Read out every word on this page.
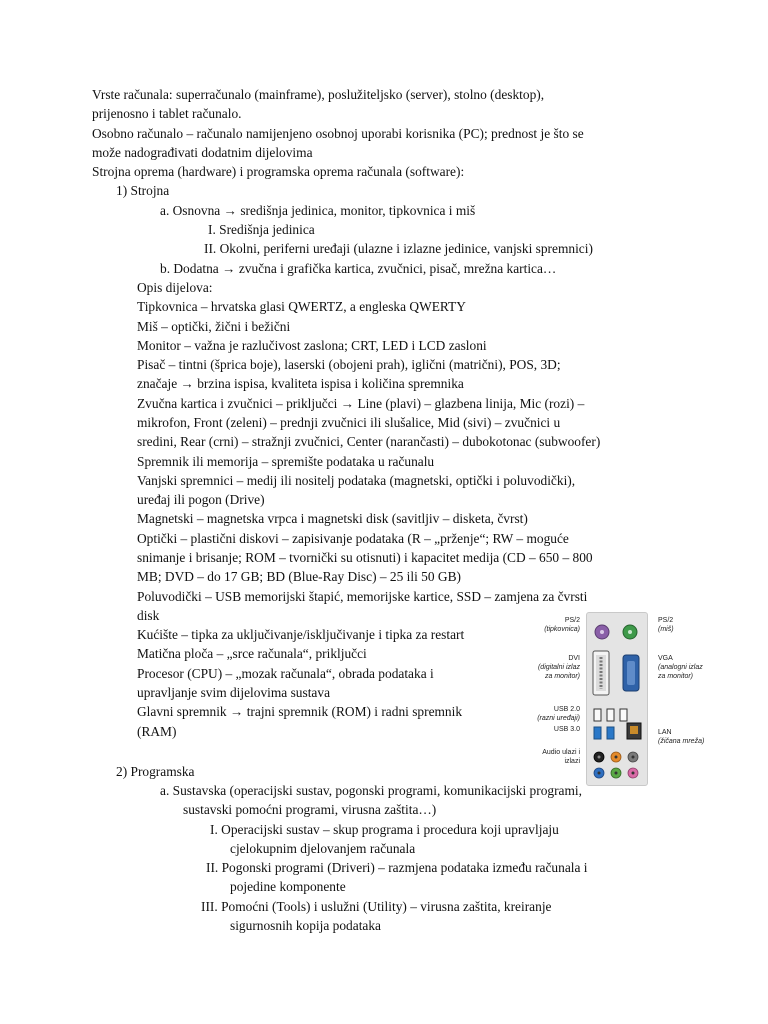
Vrste računala: superračunalo (mainframe), poslužiteljsko (server), stolno (desktop),
prijenosno i tablet računalo.
Osobno računalo – računalo namijenjeno osobnoj uporabi korisnika (PC); prednost je što se
može nadograđivati dodatnim dijelovima
Strojna oprema (hardware) i programska oprema računala (software):
1) Strojna
a. Osnovna → središnja jedinica, monitor, tipkovnica i miš
I. Središnja jedinica
II. Okolni, periferni uređaji (ulazne i izlazne jedinice, vanjski spremnici)
b. Dodatna → zvučna i grafička kartica, zvučnici, pisač, mrežna kartica…
Opis dijelova:
Tipkovnica – hrvatska glasi QWERTZ, a engleska QWERTY
Miš – optički, žični i bežični
Monitor – važna je razlučivost zaslona; CRT, LED i LCD zasloni
Pisač – tintni (šprica boje), laserski (obojeni prah), iglični (matrični), POS, 3D;
značaje → brzina ispisa, kvaliteta ispisa i količina spremnika
Zvučna kartica i zvučnici – priključci → Line (plavi) – glazbena linija, Mic (rozi) –
mikrofon, Front (zeleni) – prednji zvučnici ili slušalice, Mid (sivi) – zvučnici u
sredini, Rear (crni) – stražnji zvučnici, Center (narančasti) – dubokotonac (subwoofer)
Spremnik ili memorija – spremište podataka u računalu
Vanjski spremnici – medij ili nositelj podataka (magnetski, optički i poluvodički),
uređaj ili pogon (Drive)
Magnetski – magnetska vrpca i magnetski disk (savitljiv – disketa, čvrst)
Optički – plastični diskovi – zapisivanje podataka (R – „prženje“; RW – moguće
snimanje i brisanje; ROM – tvornički su otisnuti) i kapacitet medija (CD – 650 – 800
MB; DVD – do 17 GB; BD (Blue-Ray Disc) – 25 ili 50 GB)
Poluvodički – USB memorijski štapić, memorijske kartice, SSD – zamjena za čvrsti
disk
Kućište – tipka za uključivanje/isključivanje i tipka za restart
Matična ploča – „srce računala“, priključci
Procesor (CPU) – „mozak računala“, obrada podataka i
upravljanje svim dijelovima sustava
Glavni spremnik → trajni spremnik (ROM) i radni spremnik
(RAM)
2) Programska
a. Sustavska (operacijski sustav, pogonski programi, komunikacijski programi,
sustavski pomoćni programi, virusna zaštita…)
I. Operacijski sustav – skup programa i procedura koji upravljaju
cjelokupnim djelovanjem računala
II. Pogonski programi (Driveri) – razmjena podataka između računala i
pojedine komponente
III. Pomoćni (Tools) i uslužni (Utility) – virusna zaštita, kreiranje
sigurnosnih kopija podataka
PS/2
(tipkovnica)
DVI
(digitalni izlaz za monitor)
USB 2.0
(razni uređaji)
USB 3.0
Audio ulazi i izlazi
PS/2
(miš)
VGA
(analogni izlaz za monitor)
LAN
(žičana mreža)
